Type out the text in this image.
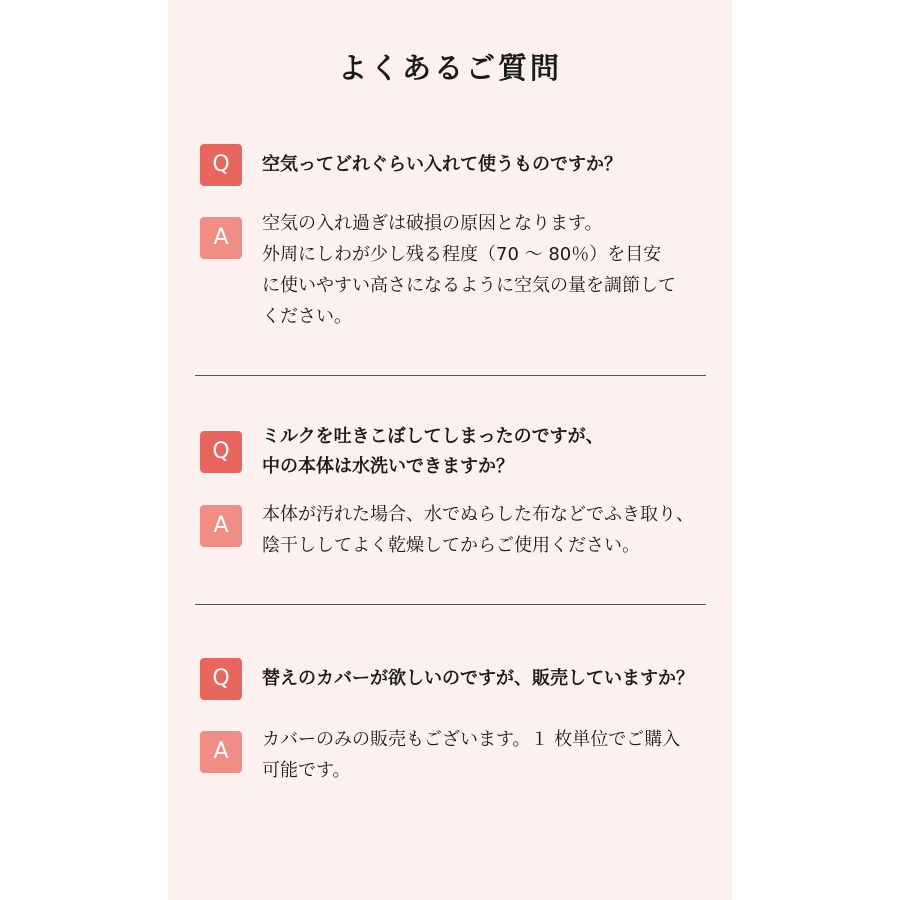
よくあるご質問
Q	空気ってどれぐらい入れて使うものですか？

A

空気の入れ過ぎは破損の原因となります。
外周にしわが少し残る程度（70 ～ 80％）を目安
に使いやすい高さになるように空気の量を調節して
ください。

Q

ミルクを吐きこぼしてしまったのですが、
中の本体は水洗いできますか？

A	本体が汚れた場合、水でぬらした布などでふき取り、
陰干ししてよく乾燥してからご使用ください。

Q	替えのカバーが欲しいのですが、販売していますか？

A	カバーのみの販売もございます。１ 枚単位でご購入
可能です。
